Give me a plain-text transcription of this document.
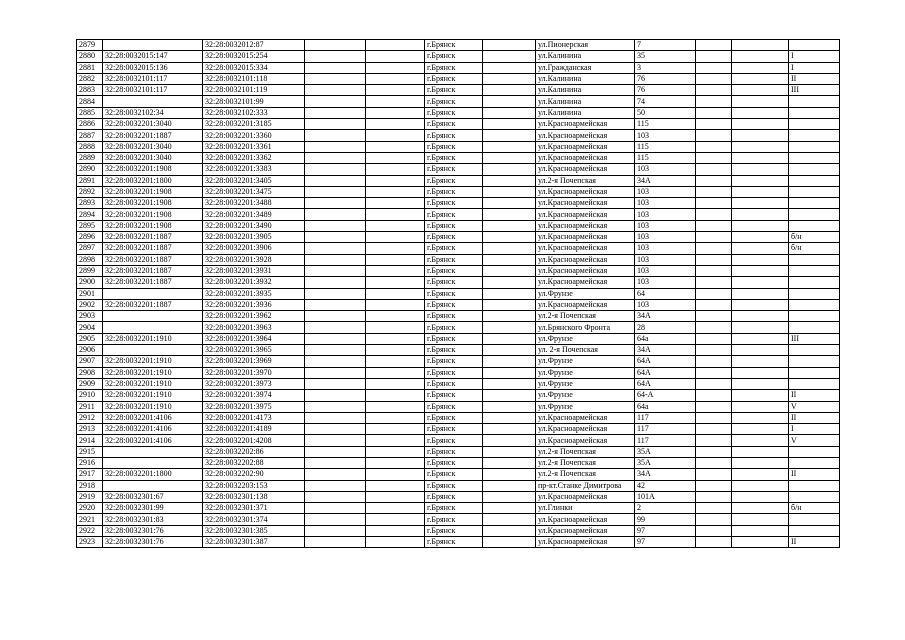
2879		32:28:0032012:87			г.Брянск		ул.Пионерская	7			
2880	32:28:0032015:147	32:28:0032015:254			г.Брянск		ул.Калинина	35			I
2881	32:28:0032015:136	32:28:0032015:334			г.Брянск		ул.Гражданская	3			I
2882	32:28:0032101:117	32:28:0032101:118			г.Брянск		ул.Калинина	76			II
2883	32:28:0032101:117	32:28:0032101:119			г.Брянск		ул.Калинина	76			III
2884		32:28:0032101:99			г.Брянск		ул.Калинина	74			
2885	32:28:0032102:34	32:28:0032102:333			г.Брянск		ул.Калинина	50			
2886	32:28:0032201:3040	32:28:0032201:3185			г.Брянск		ул.Красноармейская	115			
2887	32:28:0032201:1887	32:28:0032201:3360			г.Брянск		ул.Красноармейская	103			
2888	32:28:0032201:3040	32:28:0032201:3361			г.Брянск		ул.Красноармейская	115			
2889	32:28:0032201:3040	32:28:0032201:3362			г.Брянск		ул.Красноармейская	115			
2890	32:28:0032201:1908	32:28:0032201:3383			г.Брянск		ул.Красноармейская	103			
2891	32:28:0032201:1800	32:28:0032201:3405			г.Брянск		ул.2-я Почепская	34А			
2892	32:28:0032201:1908	32:28:0032201:3475			г.Брянск		ул.Красноармейская	103			
2893	32:28:0032201:1908	32:28:0032201:3488			г.Брянск		ул.Красноармейская	103			
2894	32:28:0032201:1908	32:28:0032201:3489			г.Брянск		ул.Красноармейская	103			
2895	32:28:0032201:1908	32:28:0032201:3490			г.Брянск		ул.Красноармейская	103			
2896	32:28:0032201:1887	32:28:0032201:3905			г.Брянск		ул.Красноармейская	103			б/н
2897	32:28:0032201:1887	32:28:0032201:3906			г.Брянск		ул.Красноармейская	103			б/н
2898	32:28:0032201:1887	32:28:0032201:3928			г.Брянск		ул.Красноармейская	103			
2899	32:28:0032201:1887	32:28:0032201:3931			г.Брянск		ул.Красноармейская	103			
2900	32:28:0032201:1887	32:28:0032201:3932			г.Брянск		ул.Красноармейская	103			
2901		32:28:0032201:3935			г.Брянск		ул.Фрунзе	64			
2902	32:28:0032201:1887	32:28:0032201:3936			г.Брянск		ул.Красноармейская	103			
2903		32:28:0032201:3962			г.Брянск		ул.2-я Почепская	34А			
2904		32:28:0032201:3963			г.Брянск		ул.Брянского Фронта	28			
2905	32:28:0032201:1910	32:28:0032201:3964			г.Брянск		ул.Фрунзе	64а			III
2906		32:28:0032201:3965			г.Брянск		ул. 2-я Почепская	34А			
2907	32:28:0032201:1910	32:28:0032201:3969			г.Брянск		ул.Фрунзе	64А			
2908	32:28:0032201:1910	32:28:0032201:3970			г.Брянск		ул.Фрунзе	64А			
2909	32:28:0032201:1910	32:28:0032201:3973			г.Брянск		ул.Фрунзе	64А			
2910	32:28:0032201:1910	32:28:0032201:3974			г.Брянск		ул.Фрунзе	64-А			II
2911	32:28:0032201:1910	32:28:0032201:3975			г.Брянск		ул.Фрунзе	64а			V
2912	32:28:0032201:4106	32:28:0032201:4173			г.Брянск		ул.Красноармейская	117			II
2913	32:28:0032201:4106	32:28:0032201:4189			г.Брянск		ул.Красноармейская	117			I
2914	32:28:0032201:4106	32:28:0032201:4208			г.Брянск		ул.Красноармейская	117			V
2915		32:28:0032202:86			г.Брянск		ул.2-я Почепская	35А			
2916		32:28:0032202:88			г.Брянск		ул.2-я Почепская	35А			
2917	32:28:0032201:1800	32:28:0032202:90			г.Брянск		ул.2-я Почепская	34А			II
2918		32:28:0032203:153			г.Брянск		пр-кт.Станке Димитрова	42			
2919	32:28:0032301:67	32:28:0032301:138			г.Брянск		ул.Красноармейская	101А			
2920	32:28:0032301:99	32:28:0032301:371			г.Брянск		ул.Глинки	2			б/н
2921	32:28:0032301:83	32:28:0032301:374			г.Брянск		ул.Красноармейская	99			
2922	32:28:0032301:76	32:28:0032301:385			г.Брянск		ул.Красноармейская	97			
2923	32:28:0032301:76	32:28:0032301:387			г.Брянск		ул.Красноармейская	97			II
